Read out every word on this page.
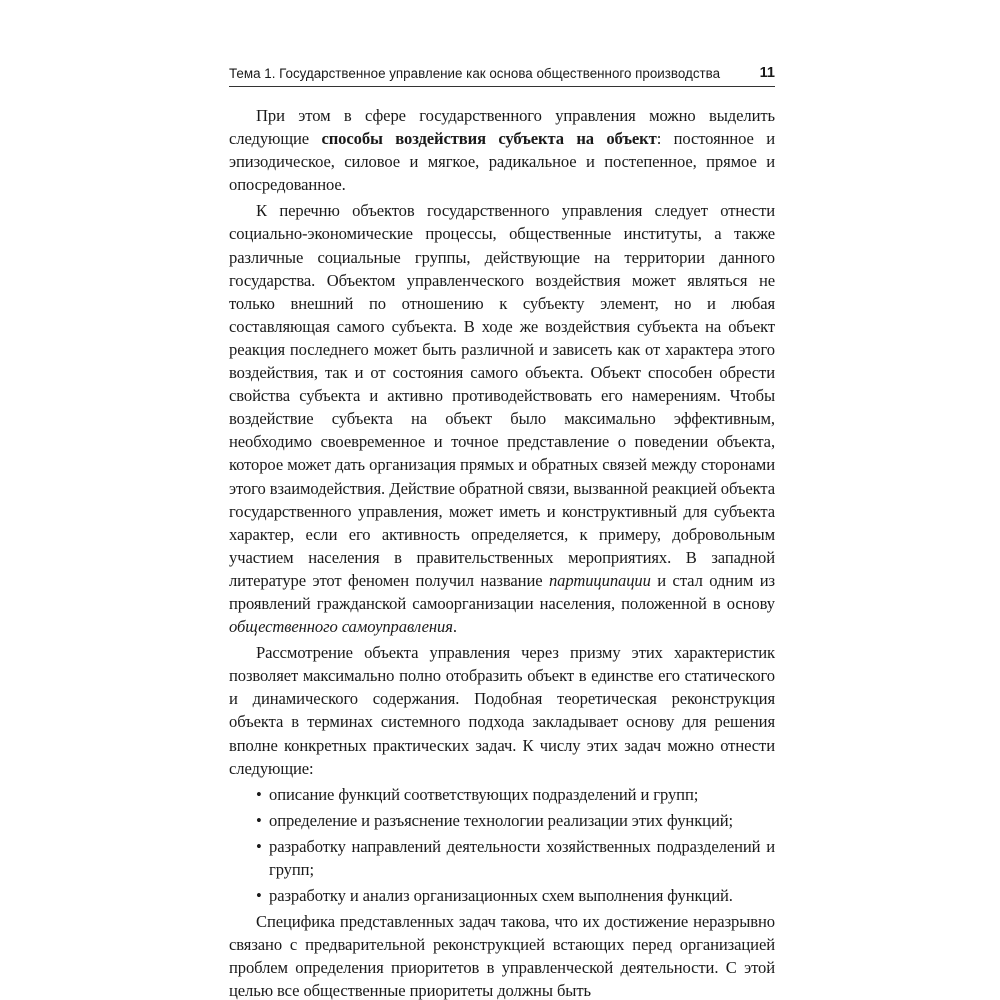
Тема 1. Государственное управление как основа общественного производства	11

При этом в сфере государственного управления можно выделить следующие способы воздействия субъекта на объект: постоянное и эпизодическое, силовое и мягкое, радикальное и постепенное, прямое и опосредованное.

К перечню объектов государственного управления следует отнести социально-экономические процессы, общественные институты, а также различные социальные группы, действующие на территории данного государства. Объектом управленческого воздействия может являться не только внешний по отношению к субъекту элемент, но и любая составляющая самого субъекта. В ходе же воздействия субъекта на объект реакция последнего может быть различной и зависеть как от характера этого воздействия, так и от состояния самого объекта. Объект способен обрести свойства субъекта и активно противодействовать его намерениям. Чтобы воздействие субъекта на объект было максимально эффективным, необходимо своевременное и точное представление о поведении объекта, которое может дать организация прямых и обратных связей между сторонами этого взаимодействия. Действие обратной связи, вызванной реакцией объекта государственного управления, может иметь и конструктивный для субъекта характер, если его активность определяется, к примеру, добровольным участием населения в правительственных мероприятиях. В западной литературе этот феномен получил название партиципации и стал одним из проявлений гражданской самоорганизации населения, положенной в основу общественного самоуправления.

Рассмотрение объекта управления через призму этих характеристик позволяет максимально полно отобразить объект в единстве его статического и динамического содержания. Подобная теоретическая реконструкция объекта в терминах системного подхода закладывает основу для решения вполне конкретных практических задач. К числу этих задач можно отнести следующие:

• описание функций соответствующих подразделений и групп;
• определение и разъяснение технологии реализации этих функций;
• разработку направлений деятельности хозяйственных подразделений и групп;
• разработку и анализ организационных схем выполнения функций.

Специфика представленных задач такова, что их достижение неразрывно связано с предварительной реконструкцией встающих перед организацией проблем определения приоритетов в управленческой деятельности. С этой целью все общественные приоритеты должны быть
